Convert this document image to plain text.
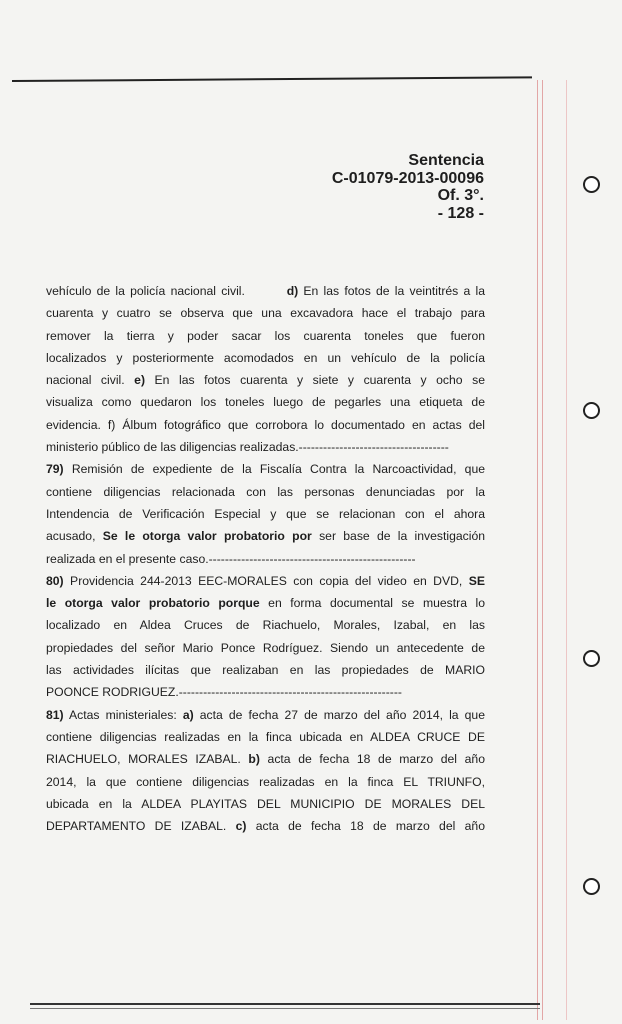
Sentencia
C-01079-2013-00096
Of. 3°.
- 128 -

vehículo de la policía nacional civil.	d) En las fotos de la veintitrés a la

cuarenta y cuatro se observa que una excavadora hace el trabajo para

remover la tierra y poder sacar los cuarenta toneles que fueron

localizados y posteriormente acomodados en un vehículo de la policía

nacional civil. e) En las fotos cuarenta y siete y cuarenta y ocho se

visualiza como quedaron los toneles luego de pegarles una etiqueta de

evidencia. f) Álbum fotográfico que corrobora lo documentado en actas del

ministerio público de las diligencias realizadas.-------------------------------------

79) Remisión de expediente de la Fiscalía Contra la Narcoactividad, que

contiene diligencias relacionada con las personas denunciadas por la

Intendencia de Verificación Especial y que se relacionan con el ahora

acusado, Se le otorga valor probatorio por ser base de la investigación

realizada en el presente caso.---------------------------------------------------

80) Providencia 244-2013 EEC-MORALES con copia del video en DVD, SE

le otorga valor probatorio porque en forma documental se muestra lo

localizado en Aldea Cruces de Riachuelo, Morales, Izabal, en las

propiedades del señor Mario Ponce Rodríguez. Siendo un antecedente de

las actividades ilícitas que realizaban en las propiedades de MARIO

POONCE RODRIGUEZ.-------------------------------------------------------

81) Actas ministeriales: a) acta de fecha 27 de marzo del año 2014, la que

contiene diligencias realizadas en la finca ubicada en ALDEA CRUCE DE

RIACHUELO, MORALES IZABAL. b) acta de fecha 18 de marzo del año

2014, la que contiene diligencias realizadas en la finca EL TRIUNFO,

ubicada en la ALDEA PLAYITAS DEL MUNICIPIO DE MORALES DEL

DEPARTAMENTO DE IZABAL. c) acta de fecha 18 de marzo del año
